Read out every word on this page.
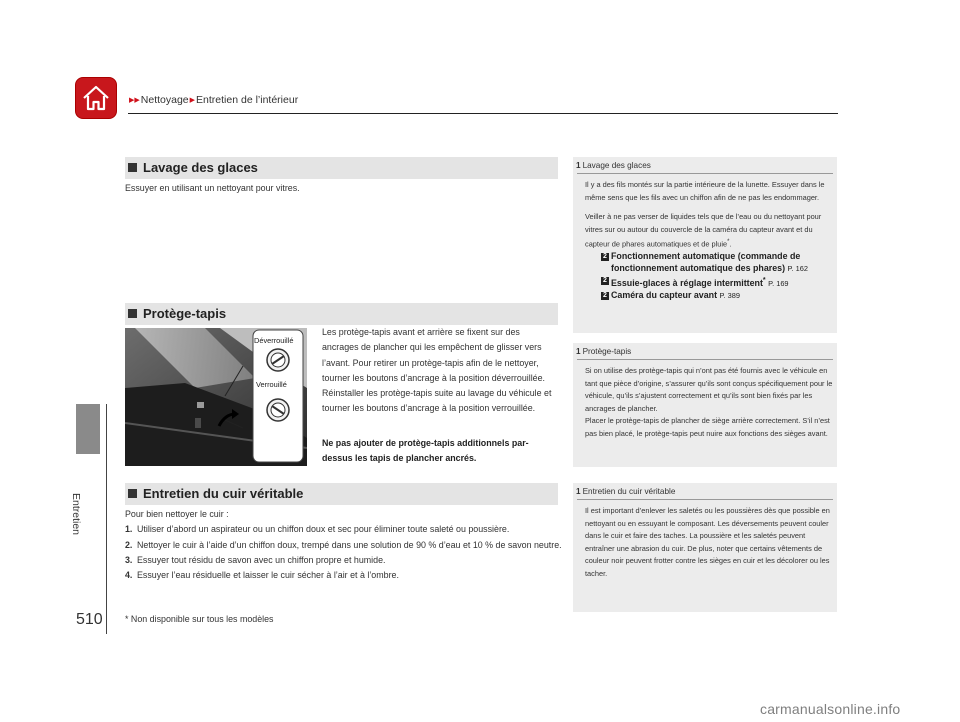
▶▶Nettoyage▶Entretien de l’intérieur
Entretien
510
Lavage des glaces
Essuyer en utilisant un nettoyant pour vitres.
Protège-tapis
Déverrouillé
Verrouillé
Les protège-tapis avant et arrière se fixent sur des ancrages de plancher qui les empêchent de glisser vers l’avant. Pour retirer un protège-tapis afin de le nettoyer, tourner les boutons d’ancrage à la position déverrouillée. Réinstaller les protège-tapis suite au lavage du véhicule et tourner les boutons d’ancrage à la position verrouillée.
Ne pas ajouter de protège-tapis additionnels par-dessus les tapis de plancher ancrés.
Entretien du cuir véritable
Pour bien nettoyer le cuir :
1. Utiliser d’abord un aspirateur ou un chiffon doux et sec pour éliminer toute saleté ou poussière.
2. Nettoyer le cuir à l’aide d’un chiffon doux, trempé dans une solution de 90 % d’eau et 10 % de savon neutre.
3. Essuyer tout résidu de savon avec un chiffon propre et humide.
4. Essuyer l’eau résiduelle et laisser le cuir sécher à l’air et à l’ombre.
1 Lavage des glaces
Il y a des fils montés sur la partie intérieure de la lunette. Essuyer dans le même sens que les fils avec un chiffon afin de ne pas les endommager.
Veiller à ne pas verser de liquides tels que de l’eau ou du nettoyant pour vitres sur ou autour du couvercle de la caméra du capteur avant et du capteur de phares automatiques et de pluie*.
2 Fonctionnement automatique (commande de fonctionnement automatique des phares) P. 162
2 Essuie-glaces à réglage intermittent* P. 169
2 Caméra du capteur avant P. 389
1 Protège-tapis
Si on utilise des protège-tapis qui n’ont pas été fournis avec le véhicule en tant que pièce d’origine, s’assurer qu’ils sont conçus spécifiquement pour le véhicule, qu’ils s’ajustent correctement et qu’ils sont bien fixés par les ancrages de plancher.
Placer le protège-tapis de plancher de siège arrière correctement. S’il n’est pas bien placé, le protège-tapis peut nuire aux fonctions des sièges avant.
1 Entretien du cuir véritable
Il est important d’enlever les saletés ou les poussières dès que possible en nettoyant ou en essuyant le composant. Les déversements peuvent couler dans le cuir et faire des taches. La poussière et les saletés peuvent entraîner une abrasion du cuir. De plus, noter que certains vêtements de couleur noir peuvent frotter contre les sièges en cuir et les décolorer ou les tacher.
* Non disponible sur tous les modèles
carmanualsonline.info
